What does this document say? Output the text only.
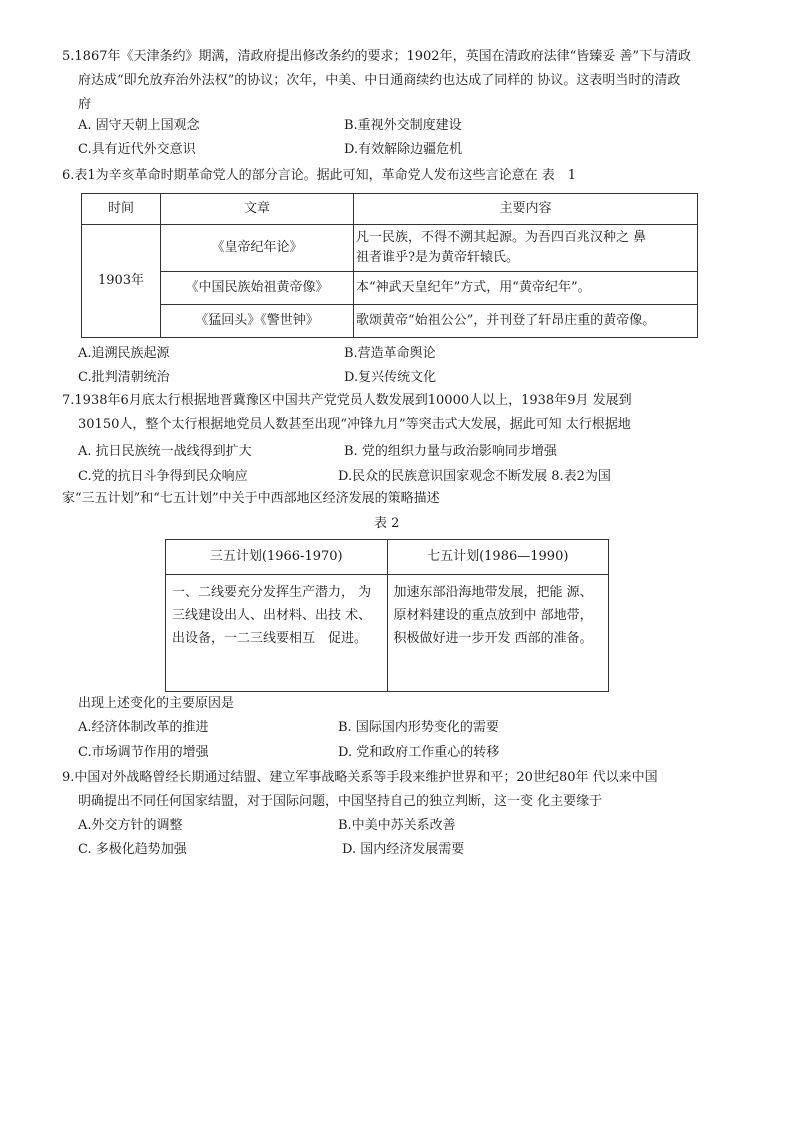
5.1867年《天津条约》期满，清政府提出修改条约的要求；1902年，英国在清政府法律“皆臻妥 善”下与清政
府达成“即允放弃治外法权”的协议；次年，中美、中日通商续约也达成了同样的 协议。这表明当时的清政
府
A. 固守天朝上国观念	B.重视外交制度建设
C.具有近代外交意识	D.有效解除边疆危机
6.表1为辛亥革命时期革命党人的部分言论。据此可知，革命党人发布这些言论意在 表　1
时间	文章	主要内容
1903年	《皇帝纪年论》	凡一民族，不得不溯其起源。为吾四百兆汉种之 鼻
祖者谁乎?是为黄帝轩辕氏。

	《中国民族始祖黄帝像》	本“神武天皇纪年”方式，用“黄帝纪年”。
	《猛回头》《警世钟》	歌颂黄帝“始祖公公”，并刊登了轩昂庄重的黄帝像。
A.追溯民族起源	B.营造革命舆论
C.批判清朝统治	D.复兴传统文化
7.1938年6月底太行根据地晋冀豫区中国共产党党员人数发展到10000人以上，1938年9月 发展到
30150人，整个太行根据地党员人数甚至出现“冲锋九月”等突击式大发展，据此可知 太行根据地
A. 抗日民族统一战线得到扩大	B. 党的组织力量与政治影响同步增强
C.党的抗日斗争得到民众响应	D.民众的民族意识国家观念不断发展 8.表2为国
家“三五计划”和“七五计划”中关于中西部地区经济发展的策略描述
表 2
三五计划(1966-1970)	七五计划(1986—1990)
一、二线要充分发挥生产潜力， 为三线建设出人、出材料、出技 术、出设备，一二三线要相互　促进。	加速东部沿海地带发展，把能 源、原材料建设的重点放到中 部地带，积极做好进一步开发 西部的准备。
出现上述变化的主要原因是
A.经济体制改革的推进	B. 国际国内形势变化的需要
C.市场调节作用的增强	D. 党和政府工作重心的转移
9.中国对外战略曾经长期通过结盟、建立军事战略关系等手段来维护世界和平；20世纪80年 代以来中国
明确提出不同任何国家结盟，对于国际问题，中国坚持自己的独立判断，这一变 化主要缘于
A.外交方针的调整	B.中美中苏关系改善
C. 多极化趋势加强	D. 国内经济发展需要
